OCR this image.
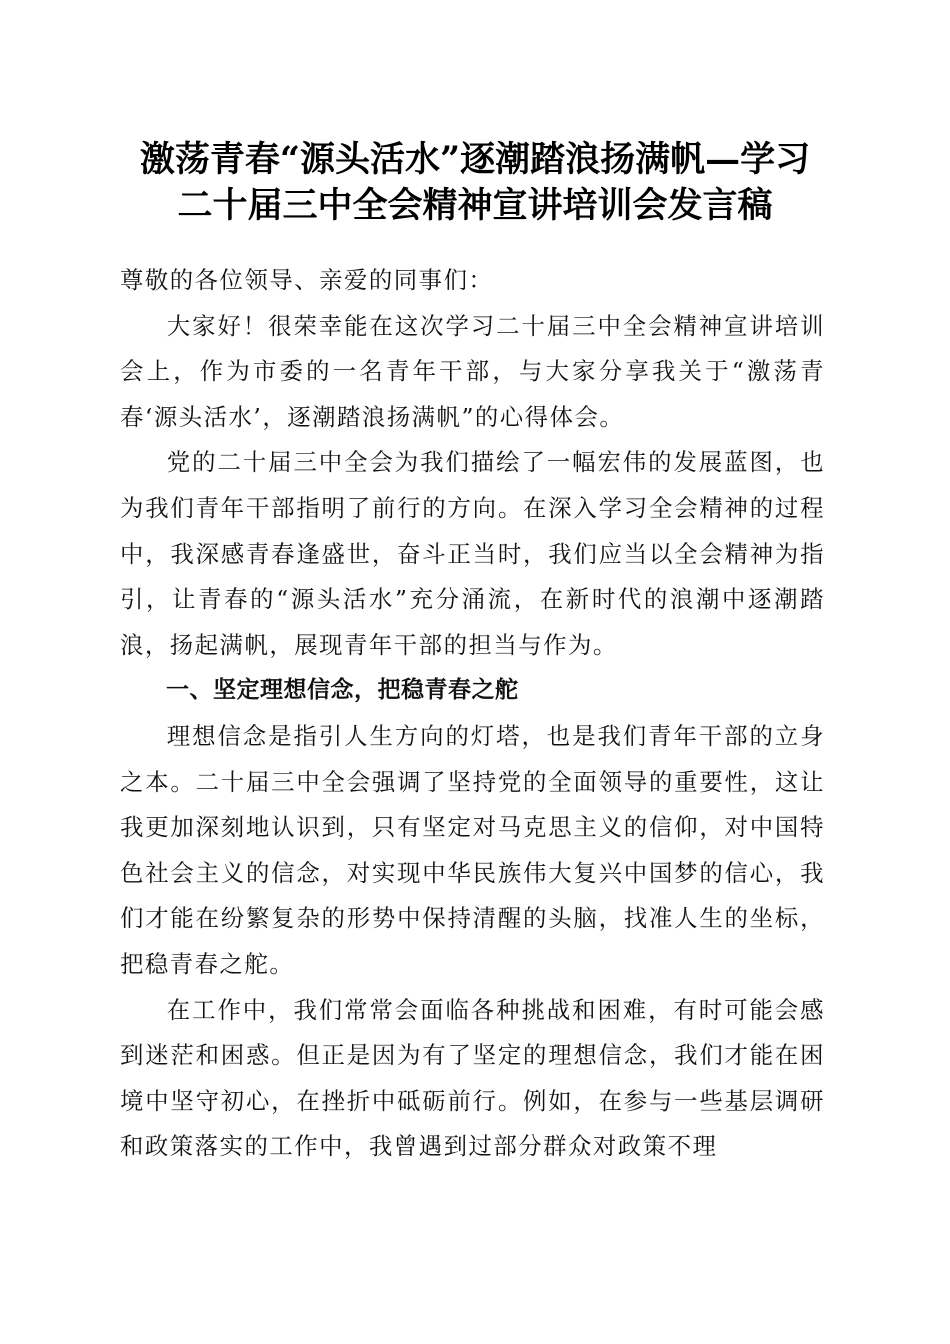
激荡青春“源头活水”逐潮踏浪扬满帆—学习
二十届三中全会精神宣讲培训会发言稿

尊敬的各位领导、亲爱的同事们：

大家好！很荣幸能在这次学习二十届三中全会精神宣讲培训会上，作为市委的一名青年干部，与大家分享我关于“激荡青春‘源头活水’，逐潮踏浪扬满帆”的心得体会。

党的二十届三中全会为我们描绘了一幅宏伟的发展蓝图，也为我们青年干部指明了前行的方向。在深入学习全会精神的过程中，我深感青春逢盛世，奋斗正当时，我们应当以全会精神为指引，让青春的“源头活水”充分涌流，在新时代的浪潮中逐潮踏浪，扬起满帆，展现青年干部的担当与作为。

一、坚定理想信念，把稳青春之舵

理想信念是指引人生方向的灯塔，也是我们青年干部的立身之本。二十届三中全会强调了坚持党的全面领导的重要性，这让我更加深刻地认识到，只有坚定对马克思主义的信仰，对中国特色社会主义的信念，对实现中华民族伟大复兴中国梦的信心，我们才能在纷繁复杂的形势中保持清醒的头脑，找准人生的坐标，把稳青春之舵。

在工作中，我们常常会面临各种挑战和困难，有时可能会感到迷茫和困惑。但正是因为有了坚定的理想信念，我们才能在困境中坚守初心，在挫折中砥砺前行。例如，在参与一些基层调研和政策落实的工作中，我曾遇到过部分群众对政策不理
